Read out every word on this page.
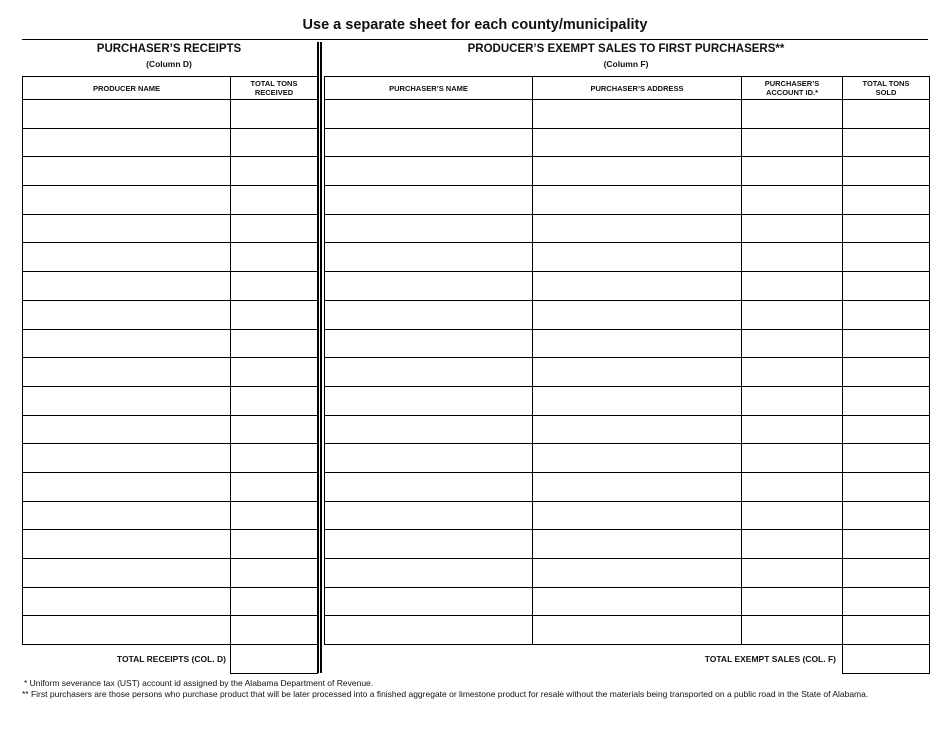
Use a separate sheet for each county/municipality
PURCHASER’S RECEIPTS
(Column D)
PRODUCER’S EXEMPT SALES TO FIRST PURCHASERS**
(Column F)
PRODUCER NAME	TOTAL TONS RECEIVED

		PURCHASER’S NAME	PURCHASER’S ADDRESS	PURCHASER’S ACCOUNT ID.*	TOTAL TONS SOLD

TOTAL RECEIPTS (COL. D)	TOTAL EXEMPT SALES (COL. F)
* Uniform severance tax (UST) account id assigned by the Alabama Department of Revenue.
** First purchasers are those persons who purchase product that will be later processed into a finished aggregate or limestone product for resale without the materials being transported on a public road in the State of Alabama.
